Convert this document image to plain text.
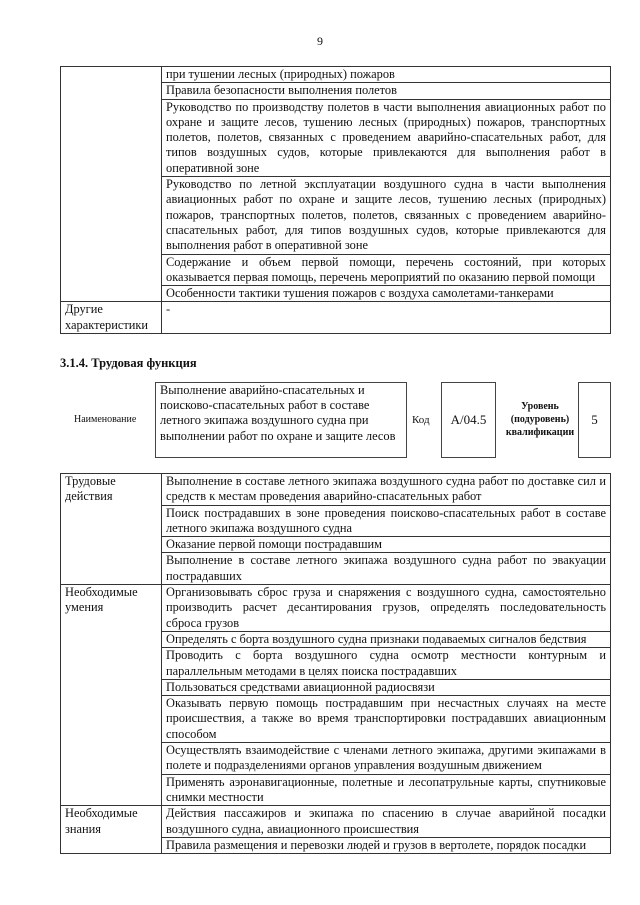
9
	при тушении лесных (природных) пожаров
	Правила безопасности выполнения полетов
	Руководство по производству полетов в части выполнения авиационных работ по охране и защите лесов, тушению лесных (природных) пожаров, транспортных полетов, полетов, связанных с проведением аварийно-спасательных работ, для типов воздушных судов, которые привлекаются для выполнения работ в оперативной зоне
	Руководство по летной эксплуатации воздушного судна в части выполнения авиационных работ по охране и защите лесов, тушению лесных (природных) пожаров, транспортных полетов, полетов, связанных с проведением аварийно-спасательных работ, для типов воздушных судов, которые привлекаются для выполнения работ в оперативной зоне
	Содержание и объем первой помощи, перечень состояний, при которых оказывается первая помощь, перечень мероприятий по оказанию первой помощи
	Особенности тактики тушения пожаров с воздуха самолетами-танкерами
Другие характеристики	-
3.1.4. Трудовая функция
Наименование
Выполнение аварийно-спасательных и поисково-спасательных работ в составе летного экипажа воздушного судна при выполнении работ по охране и защите лесов
Код	A/04.5
Уровень (подуровень) квалификации
5
Трудовые действия	Выполнение в составе летного экипажа воздушного судна работ по доставке сил и средств к местам проведения аварийно-спасательных работ
	Поиск пострадавших в зоне проведения поисково-спасательных работ в составе летного экипажа воздушного судна
	Оказание первой помощи пострадавшим
	Выполнение в составе летного экипажа воздушного судна работ по эвакуации пострадавших
Необходимые умения	Организовывать сброс груза и снаряжения с воздушного судна, самостоятельно производить расчет десантирования грузов, определять последовательность сброса грузов
	Определять с борта воздушного судна признаки подаваемых сигналов бедствия
	Проводить с борта воздушного судна осмотр местности контурным и параллельным методами в целях поиска пострадавших
	Пользоваться средствами авиационной радиосвязи
	Оказывать первую помощь пострадавшим при несчастных случаях на месте происшествия, а также во время транспортировки пострадавших авиационным способом
	Осуществлять взаимодействие с членами летного экипажа, другими экипажами в полете и подразделениями органов управления воздушным движением
	Применять аэронавигационные, полетные и лесопатрульные карты, спутниковые снимки местности
Необходимые знания	Действия пассажиров и экипажа по спасению в случае аварийной посадки воздушного судна, авиационного происшествия
	Правила размещения и перевозки людей и грузов в вертолете, порядок посадки
